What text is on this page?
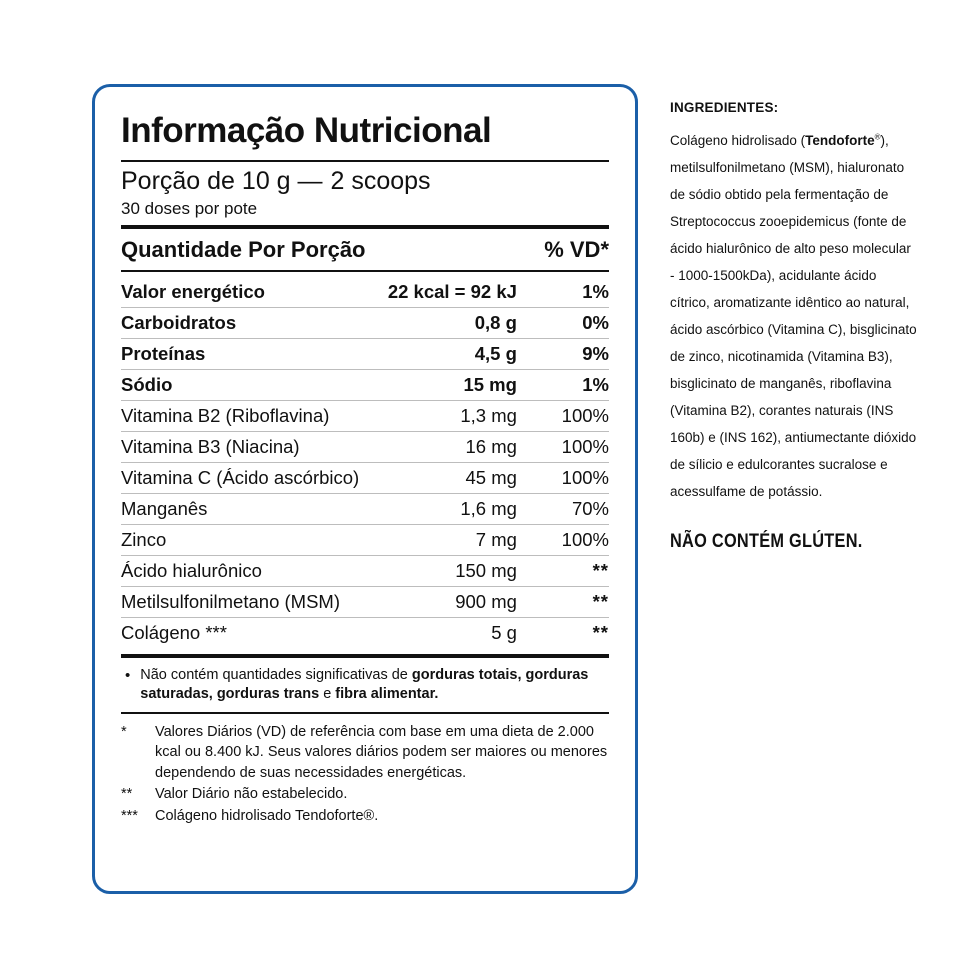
Informação Nutricional
Porção de 10 g — 2 scoops
30 doses por pote
Quantidade Por Porção	% VD*
Valor energético	22 kcal = 92 kJ	1%
Carboidratos	0,8 g	0%
Proteínas	4,5 g	9%
Sódio	15 mg	1%
Vitamina B2 (Riboflavina)	1,3 mg	100%
Vitamina B3 (Niacina)	16 mg	100%
Vitamina C (Ácido ascórbico)	45 mg	100%
Manganês	1,6 mg	70%
Zinco	7 mg	100%
Ácido hialurônico	150 mg	**
Metilsulfonilmetano (MSM)	900 mg	**
Colágeno ***	5 g	**
• Não contém quantidades significativas de gorduras totais, gorduras saturadas, gorduras trans e fibra alimentar.
*	Valores Diários (VD) de referência com base em uma dieta de 2.000 kcal ou 8.400 kJ. Seus valores diários podem ser maiores ou menores dependendo de suas necessidades energéticas.
**	Valor Diário não estabelecido.
***	Colágeno hidrolisado Tendoforte®.
INGREDIENTES:
Colágeno hidrolisado (Tendoforte®), metilsulfonilmetano (MSM), hialuronato de sódio obtido pela fermentação de Streptococcus zooepidemicus (fonte de ácido hialurônico de alto peso molecular - 1000-1500kDa), acidulante ácido cítrico, aromatizante idêntico ao natural, ácido ascórbico (Vitamina C), bisglicinato de zinco, nicotinamida (Vitamina B3), bisglicinato de manganês, riboflavina (Vitamina B2), corantes naturais (INS 160b) e (INS 162), antiumectante dióxido de sílicio e edulcorantes sucralose e acessulfame de potássio.
NÃO CONTÉM GLÚTEN.
